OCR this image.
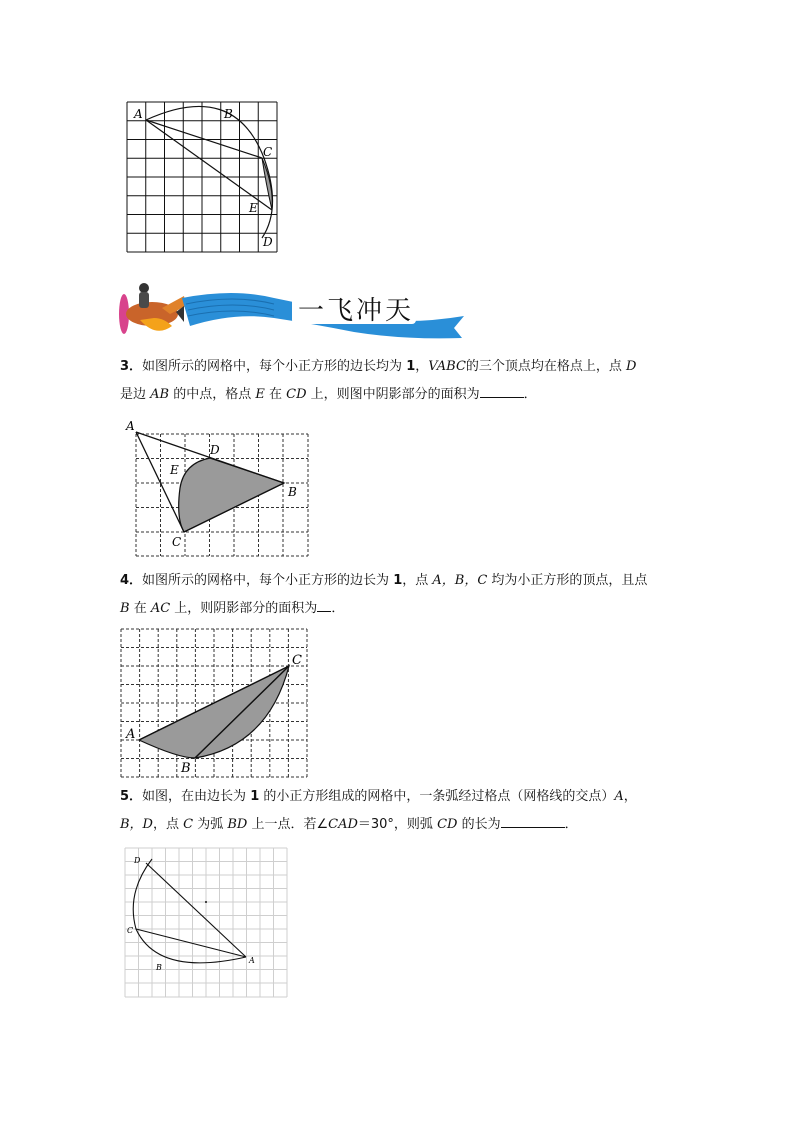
A	B
C
E
D
一飞冲天
3．如图所示的网格中，每个小正方形的边长均为 1，VABC的三个顶点均在格点上，点 D
是边 AB 的中点，格点 E 在 CD 上，则图中阴影部分的面积为	．
A
D
E
B
C
4．如图所示的网格中，每个小正方形的边长为 1，点 A，B，C 均为小正方形的顶点，且点
B 在 AC 上，则阴影部分的面积为 ．
C
A
B
5．如图，在由边长为 1 的小正方形组成的网格中，一条弧经过格点（网格线的交点）A，
B，D，点 C 为弧 BD 上一点．若∠CAD＝30°，则弧 CD 的长为	．
D
C
B
A
